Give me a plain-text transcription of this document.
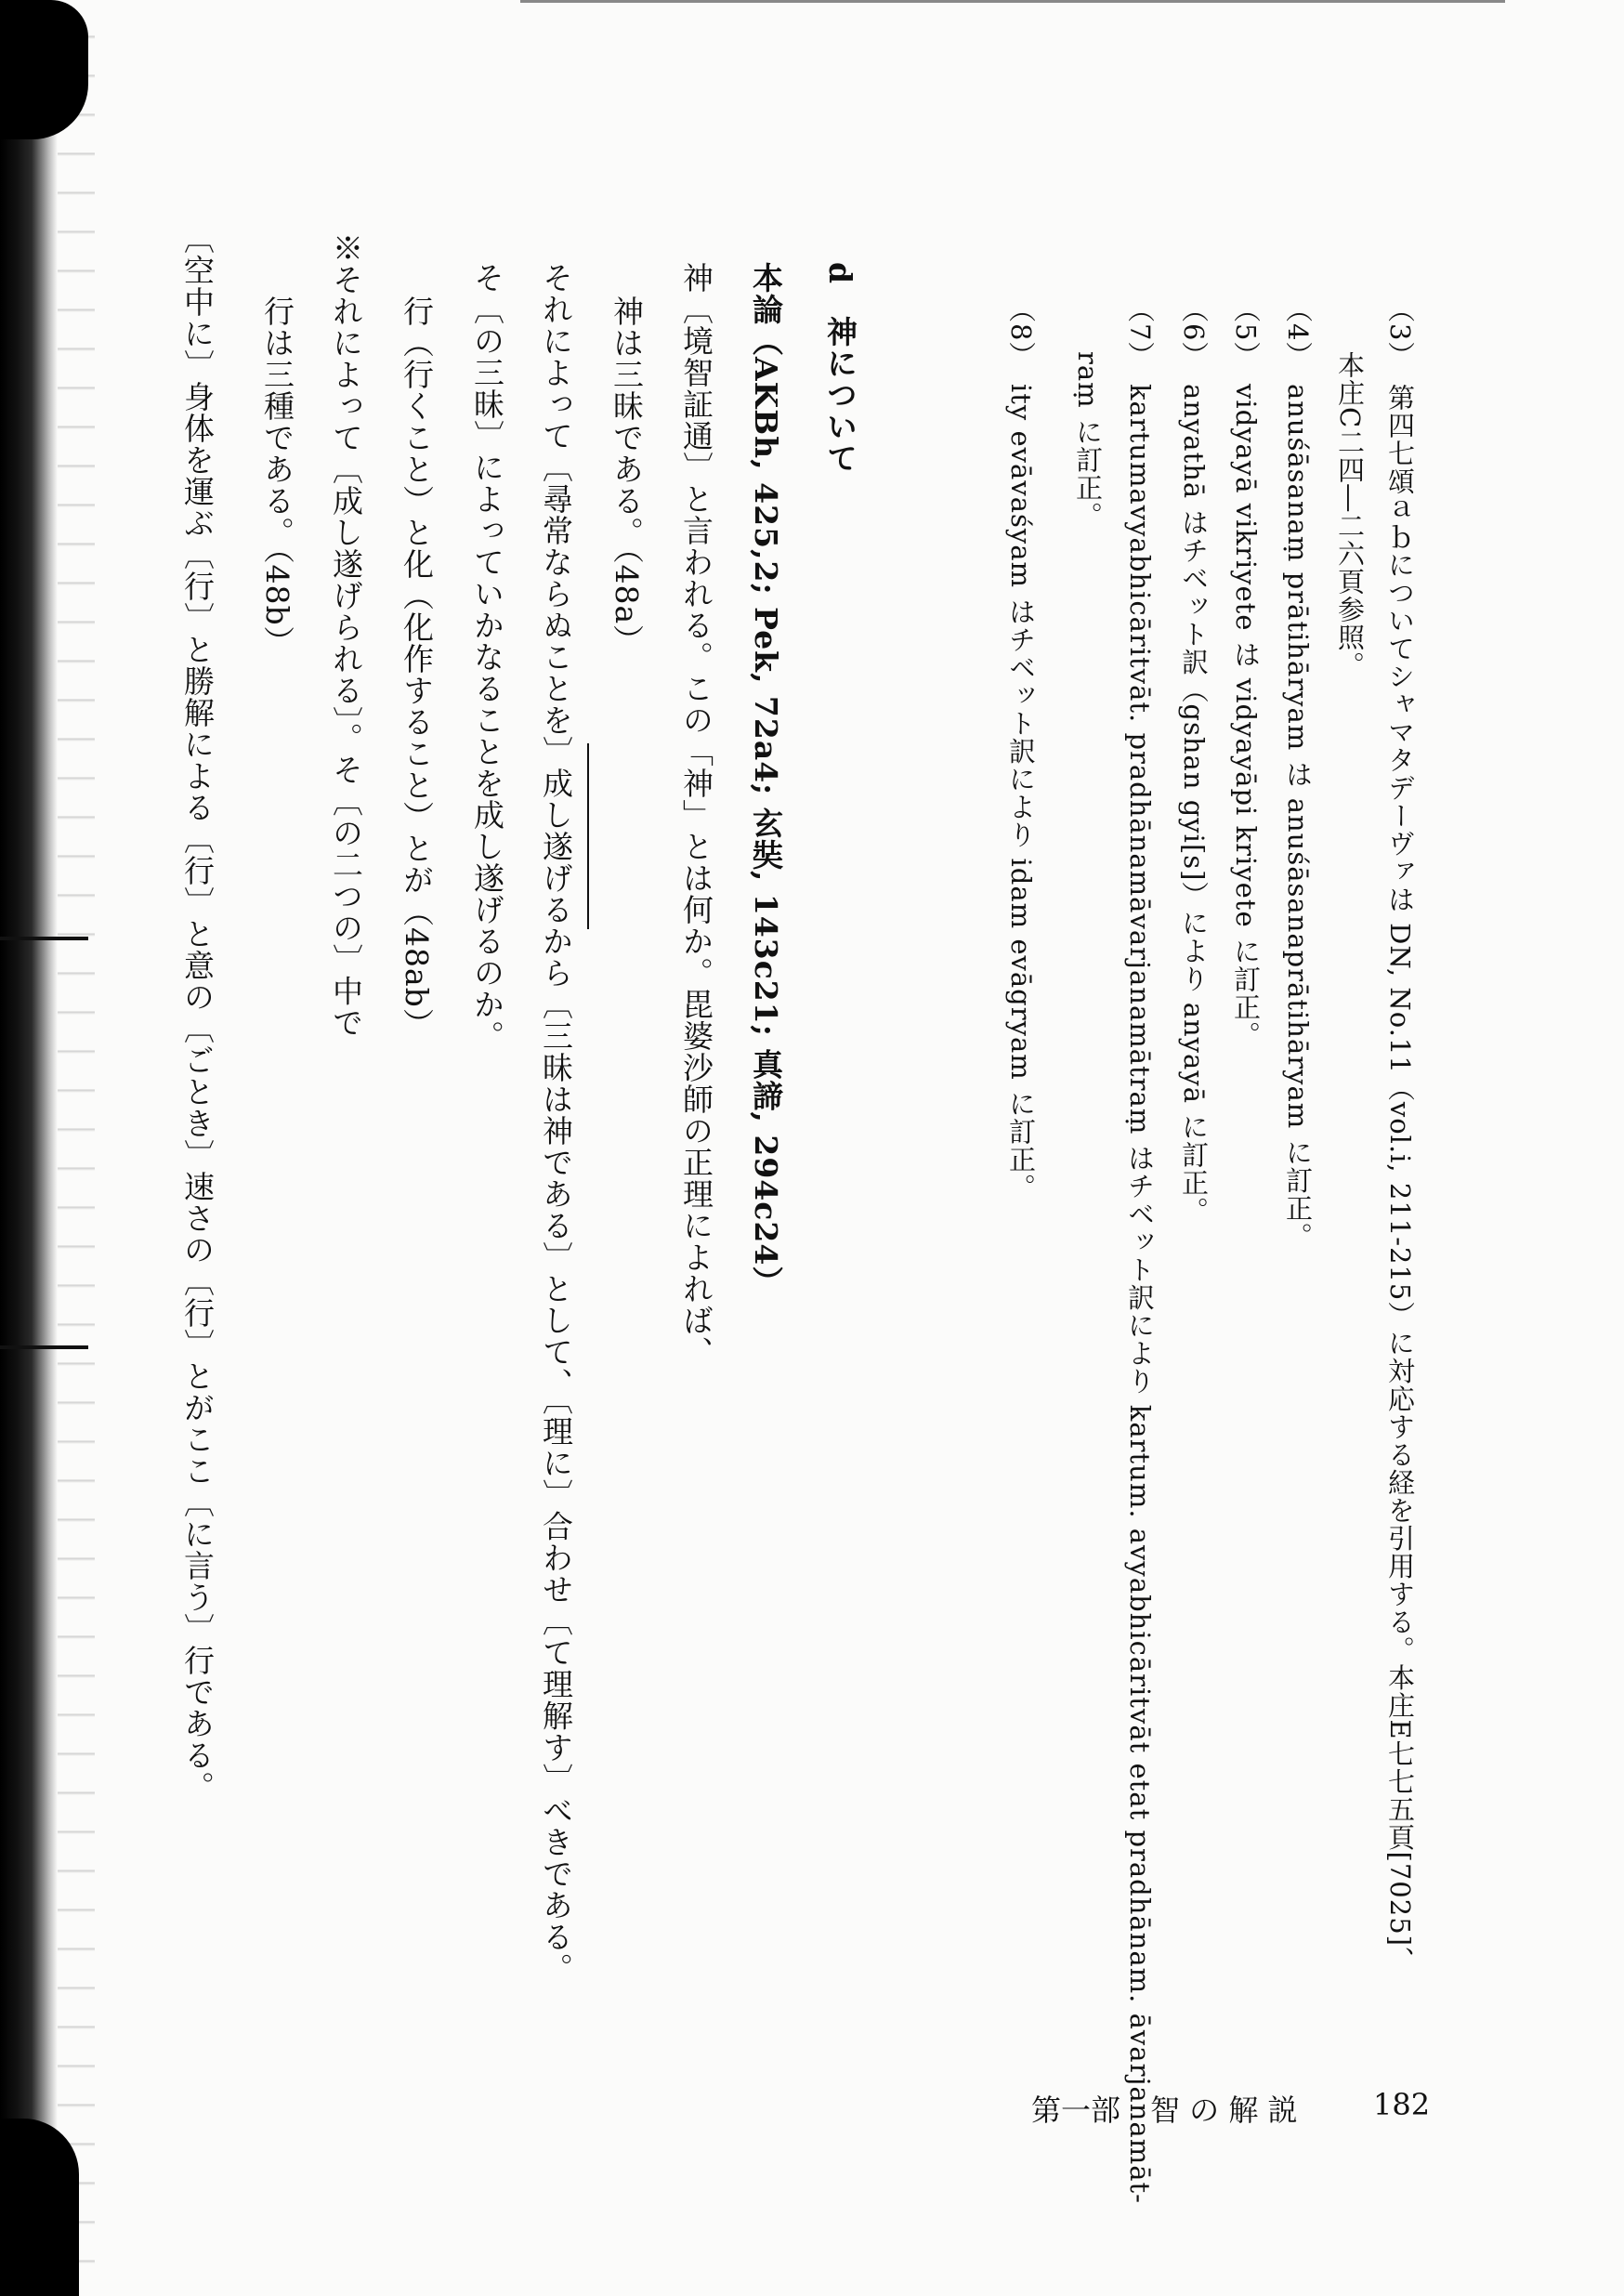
第一部　智 の 解 説	182
（3）　第四七頌ａｂについてシャマタデーヴァは DN, No.11（vol.i, 211-215）に対応する経を引用する。本庄E七七五頁[7025]、
本庄C二四―二六頁参照。
（4）　anuśāsanaṃ prātihāryam は anuśāsanaprātihāryam に訂正。
（5）　vidyayā vikriyete は vidyayāpi kriyete に訂正。
（6）　anyathā はチベット訳（gshan gyi[s]）により anyayā に訂正。
（7）　kartumavyabhicāritvāt. pradhānamāvarjanamātraṃ はチベット訳により kartum. avyabhicāritvāt etat pradhānam. āvarjanamāt-
raṃ に訂正。
（8）　ity evāvaśyam はチベット訳により idam evāgryam に訂正。
d　神について
本論（AKBh, 425,2; Pek, 72a4; 玄奘, 143c21; 真諦, 294c24）
神〔境智証通〕と言われる。この「神」とは何か。毘婆沙師の正理によれば、
神は三昧である。（48a）
それによって〔尋常ならぬことを〕成し遂げるから〔三昧は神である〕として、〔理に〕合わせ〔て理解す〕べきである。
そ〔の三昧〕によっていかなることを成し遂げるのか。
行（行くこと）と化（化作すること）とが（48ab）
※それによって〔成し遂げられる〕。そ〔の二つの〕中で
行は三種である。（48b）
〔空中に〕身体を運ぶ〔行〕と勝解による〔行〕と意の〔ごとき〕速さの〔行〕とがここ〔に言う〕行である。
